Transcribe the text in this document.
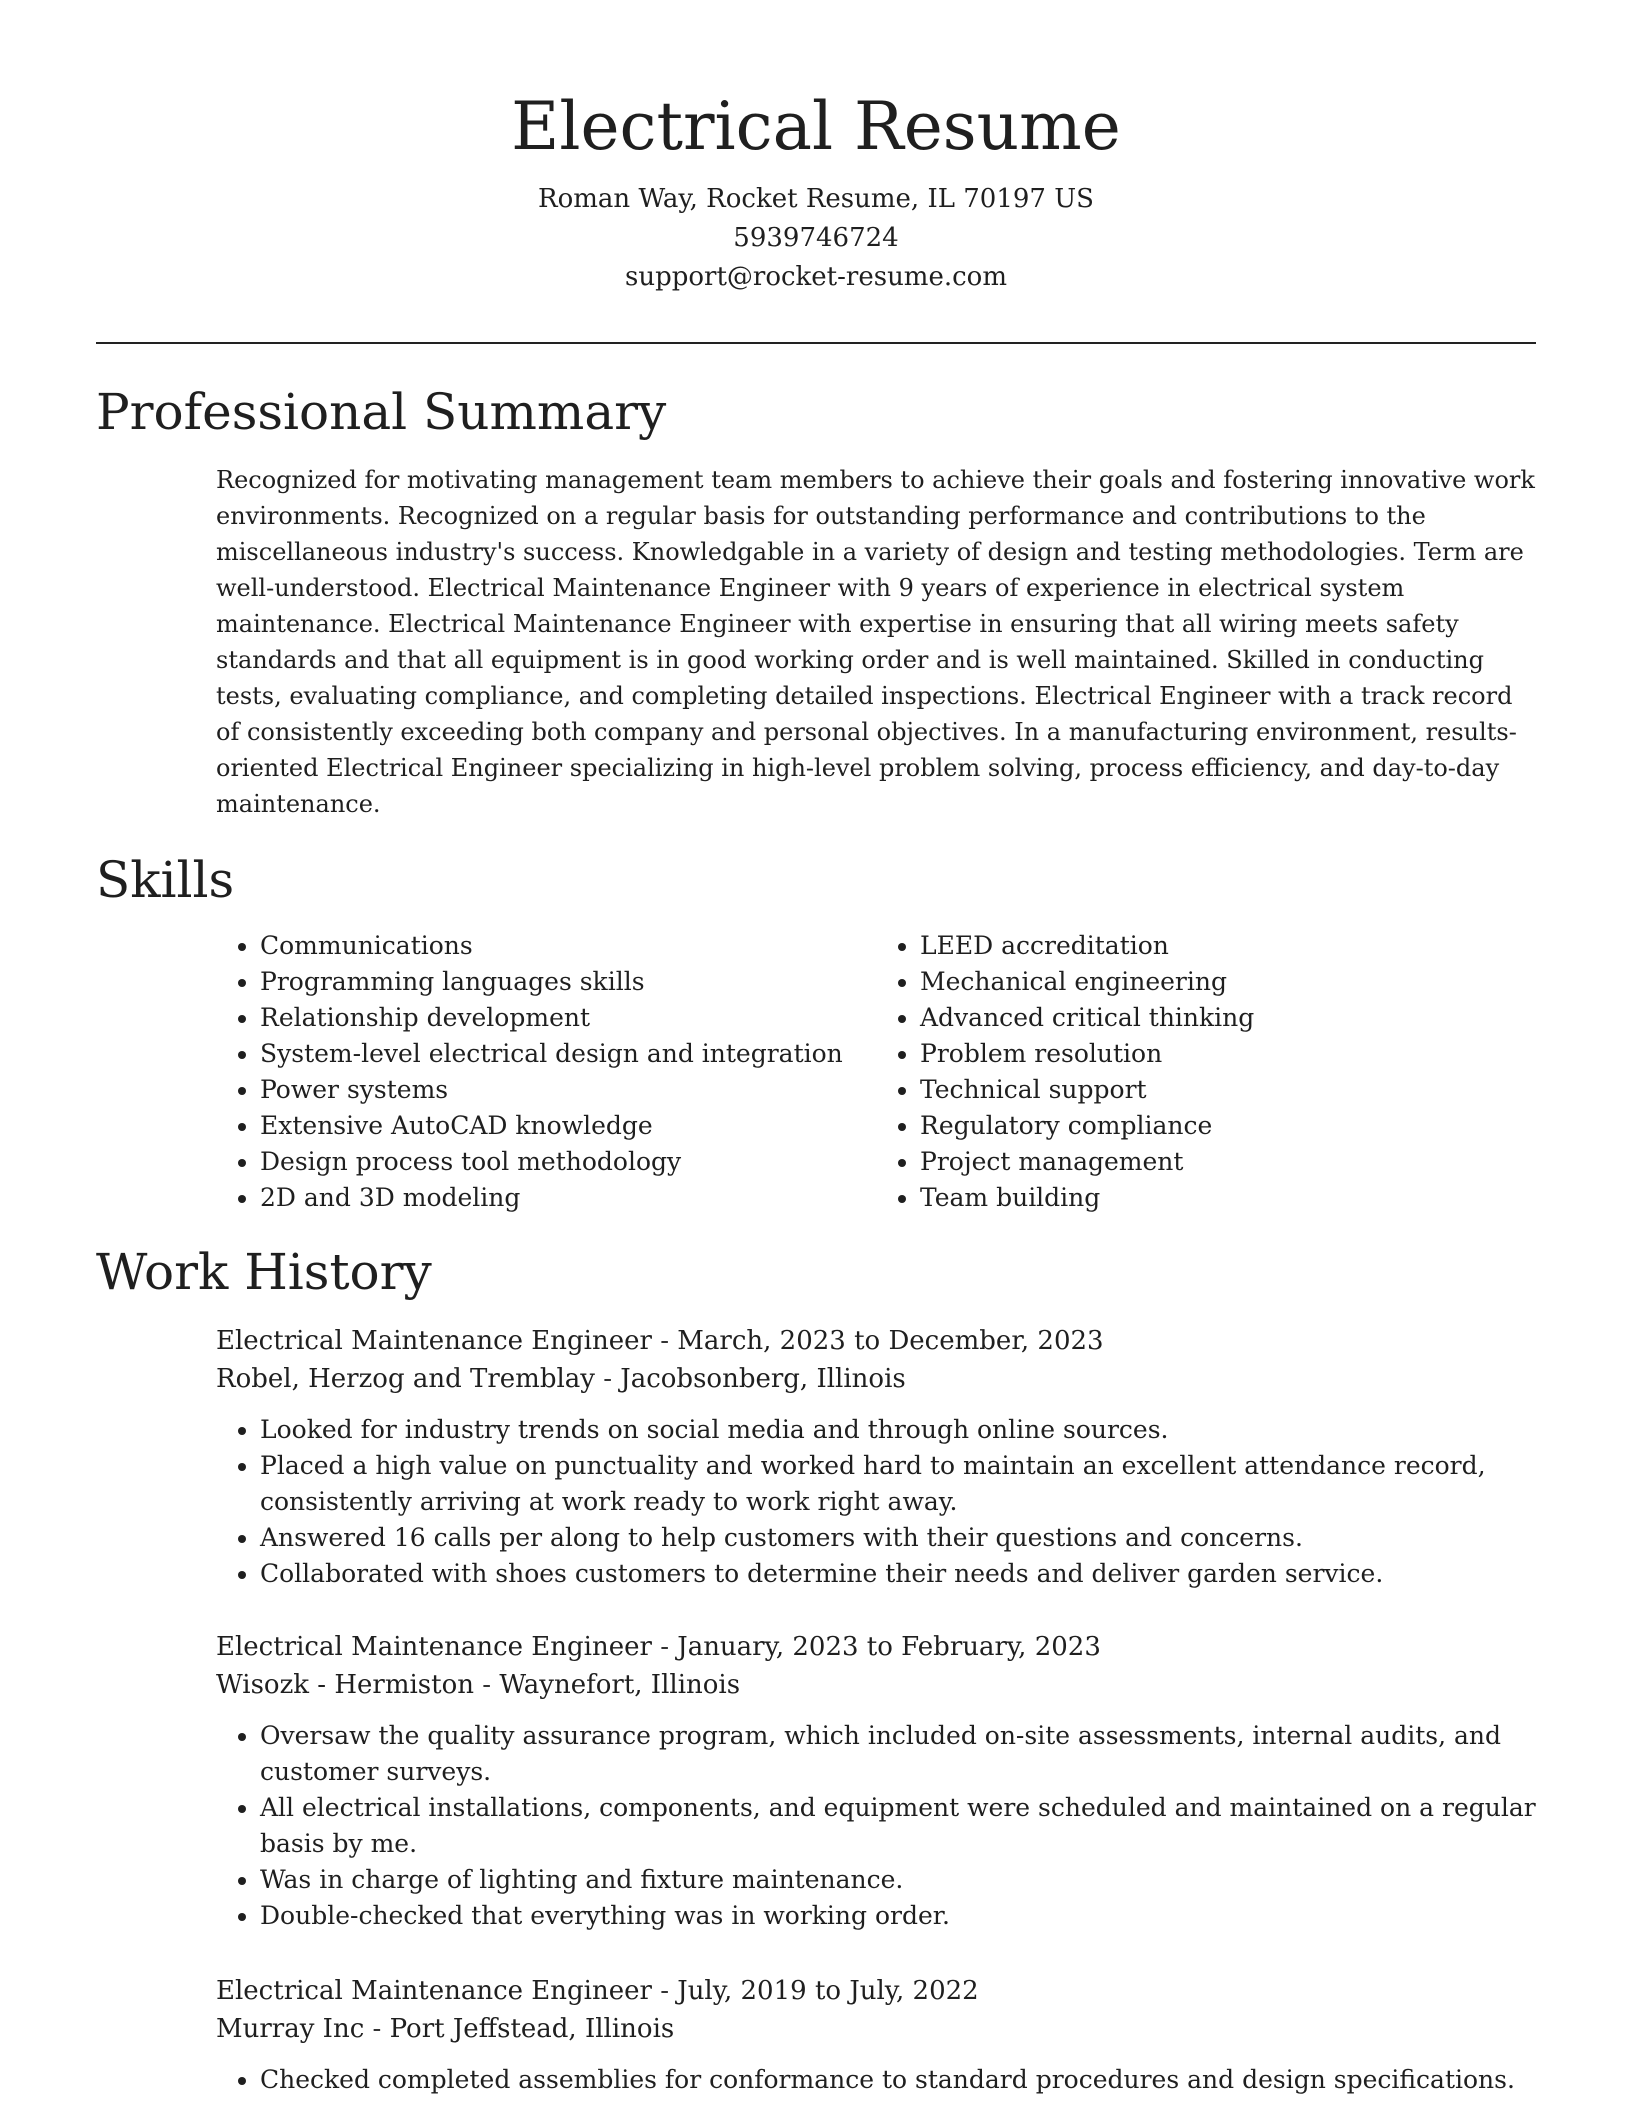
Electrical Resume
Roman Way, Rocket Resume, IL 70197 US
5939746724
support@rocket-resume.com
Professional Summary

Recognized for motivating management team members to achieve their goals and fostering innovative work environments. Recognized on a regular basis for outstanding performance and contributions to the miscellaneous industry's success. Knowledgable in a variety of design and testing methodologies. Term are well-understood. Electrical Maintenance Engineer with 9 years of experience in electrical system maintenance. Electrical Maintenance Engineer with expertise in ensuring that all wiring meets safety standards and that all equipment is in good working order and is well maintained. Skilled in conducting tests, evaluating compliance, and completing detailed inspections. Electrical Engineer with a track record of consistently exceeding both company and personal objectives. In a manufacturing environment, results-oriented Electrical Engineer specializing in high-level problem solving, process efficiency, and day-to-day maintenance.

Skills
• Communications
• Programming languages skills
• Relationship development
• System-level electrical design and integration
• Power systems
• Extensive AutoCAD knowledge
• Design process tool methodology
• 2D and 3D modeling
• LEED accreditation
• Mechanical engineering
• Advanced critical thinking
• Problem resolution
• Technical support
• Regulatory compliance
• Project management
• Team building
Work History
Electrical Maintenance Engineer - March, 2023 to December, 2023
Robel, Herzog and Tremblay - Jacobsonberg, Illinois
• Looked for industry trends on social media and through online sources.
• Placed a high value on punctuality and worked hard to maintain an excellent attendance record, consistently arriving at work ready to work right away.
• Answered 16 calls per along to help customers with their questions and concerns.
• Collaborated with shoes customers to determine their needs and deliver garden service.
Electrical Maintenance Engineer - January, 2023 to February, 2023
Wisozk - Hermiston - Waynefort, Illinois
• Oversaw the quality assurance program, which included on-site assessments, internal audits, and customer surveys.
• All electrical installations, components, and equipment were scheduled and maintained on a regular basis by me.
• Was in charge of lighting and fixture maintenance.
• Double-checked that everything was in working order.
Electrical Maintenance Engineer - July, 2019 to July, 2022
Murray Inc - Port Jeffstead, Illinois
• Checked completed assemblies for conformance to standard procedures and design specifications.
